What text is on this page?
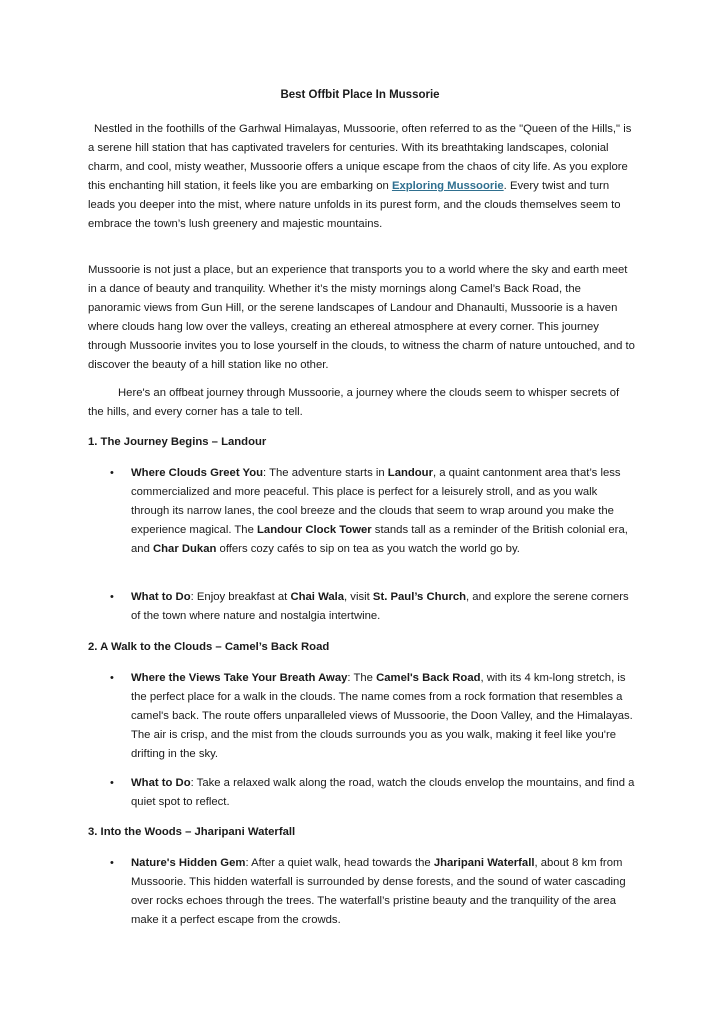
Best Offbit Place In Mussorie

Nestled in the foothills of the Garhwal Himalayas, Mussoorie, often referred to as the "Queen of the Hills," is a serene hill station that has captivated travelers for centuries. With its breathtaking landscapes, colonial charm, and cool, misty weather, Mussoorie offers a unique escape from the chaos of city life. As you explore this enchanting hill station, it feels like you are embarking on Exploring Mussoorie. Every twist and turn leads you deeper into the mist, where nature unfolds in its purest form, and the clouds themselves seem to embrace the town’s lush greenery and majestic mountains.

Mussoorie is not just a place, but an experience that transports you to a world where the sky and earth meet in a dance of beauty and tranquility. Whether it’s the misty mornings along Camel’s Back Road, the panoramic views from Gun Hill, or the serene landscapes of Landour and Dhanaulti, Mussoorie is a haven where clouds hang low over the valleys, creating an ethereal atmosphere at every corner. This journey through Mussoorie invites you to lose yourself in the clouds, to witness the charm of nature untouched, and to discover the beauty of a hill station like no other.

Here's an offbeat journey through Mussoorie, a journey where the clouds seem to whisper secrets of the hills, and every corner has a tale to tell.

1. The Journey Begins – Landour

• Where Clouds Greet You: The adventure starts in Landour, a quaint cantonment area that’s less commercialized and more peaceful. This place is perfect for a leisurely stroll, and as you walk through its narrow lanes, the cool breeze and the clouds that seem to wrap around you make the experience magical. The Landour Clock Tower stands tall as a reminder of the British colonial era, and Char Dukan offers cozy cafés to sip on tea as you watch the world go by.

• What to Do: Enjoy breakfast at Chai Wala, visit St. Paul’s Church, and explore the serene corners of the town where nature and nostalgia intertwine.

2. A Walk to the Clouds – Camel’s Back Road

• Where the Views Take Your Breath Away: The Camel's Back Road, with its 4 km-long stretch, is the perfect place for a walk in the clouds. The name comes from a rock formation that resembles a camel's back. The route offers unparalleled views of Mussoorie, the Doon Valley, and the Himalayas. The air is crisp, and the mist from the clouds surrounds you as you walk, making it feel like you're drifting in the sky.

• What to Do: Take a relaxed walk along the road, watch the clouds envelop the mountains, and find a quiet spot to reflect.

3. Into the Woods – Jharipani Waterfall

• Nature's Hidden Gem: After a quiet walk, head towards the Jharipani Waterfall, about 8 km from Mussoorie. This hidden waterfall is surrounded by dense forests, and the sound of water cascading over rocks echoes through the trees. The waterfall’s pristine beauty and the tranquility of the area make it a perfect escape from the crowds.
